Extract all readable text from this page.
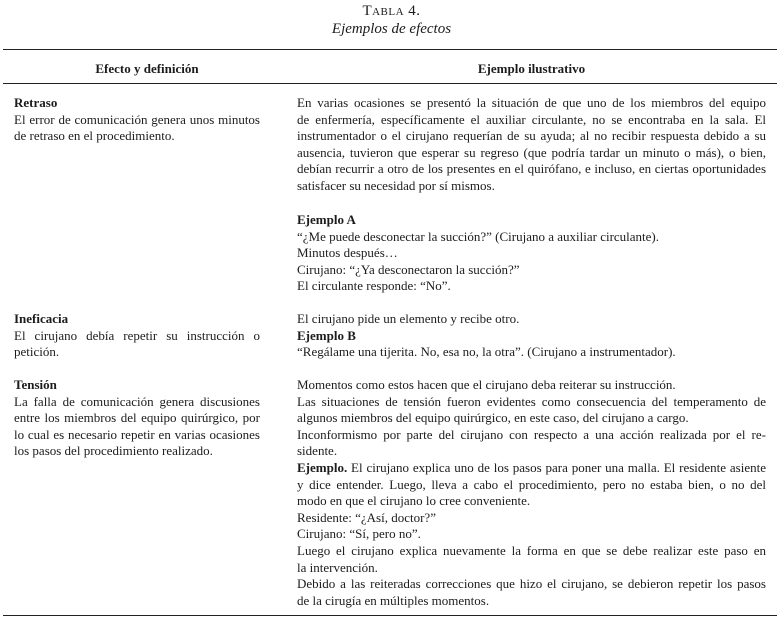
Tabla 4.
Ejemplos de efectos
Efecto y definición	Ejemplo ilustrativo
Retraso
El error de comunicación genera unos minutos
de retraso en el procedimiento.
En varias ocasiones se presentó la situación de que uno de los miembros del equipo
de enfermería, específicamente el auxiliar circulante, no se encontraba en la sala. El
instrumentador o el cirujano requerían de su ayuda; al no recibir respuesta debido a su
ausencia, tuvieron que esperar su regreso (que podría tardar un minuto o más), o bien,
debían recurrir a otro de los presentes en el quirófano, e incluso, en ciertas oportunidades
satisfacer su necesidad por sí mismos.
Ejemplo A
“¿Me puede desconectar la succión?” (Cirujano a auxiliar circulante).
Minutos después…
Cirujano: “¿Ya desconectaron la succión?”
El circulante responde: “No”.
Ineficacia
El cirujano debía repetir su instrucción o
petición.
El cirujano pide un elemento y recibe otro.
Ejemplo B
“Regálame una tijerita. No, esa no, la otra”. (Cirujano a instrumentador).
Tensión
La falla de comunicación genera discusiones
entre los miembros del equipo quirúrgico, por
lo cual es necesario repetir en varias ocasiones
los pasos del procedimiento realizado.
Momentos como estos hacen que el cirujano deba reiterar su instrucción.
Las situaciones de tensión fueron evidentes como consecuencia del temperamento de
algunos miembros del equipo quirúrgico, en este caso, del cirujano a cargo.
Inconformismo por parte del cirujano con respecto a una acción realizada por el re-
sidente.
Ejemplo. El cirujano explica uno de los pasos para poner una malla. El residente asiente
y dice entender. Luego, lleva a cabo el procedimiento, pero no estaba bien, o no del
modo en que el cirujano lo cree conveniente.
Residente: “¿Así, doctor?”
Cirujano: “Sí, pero no”.
Luego el cirujano explica nuevamente la forma en que se debe realizar este paso en
la intervención.
Debido a las reiteradas correcciones que hizo el cirujano, se debieron repetir los pasos
de la cirugía en múltiples momentos.
